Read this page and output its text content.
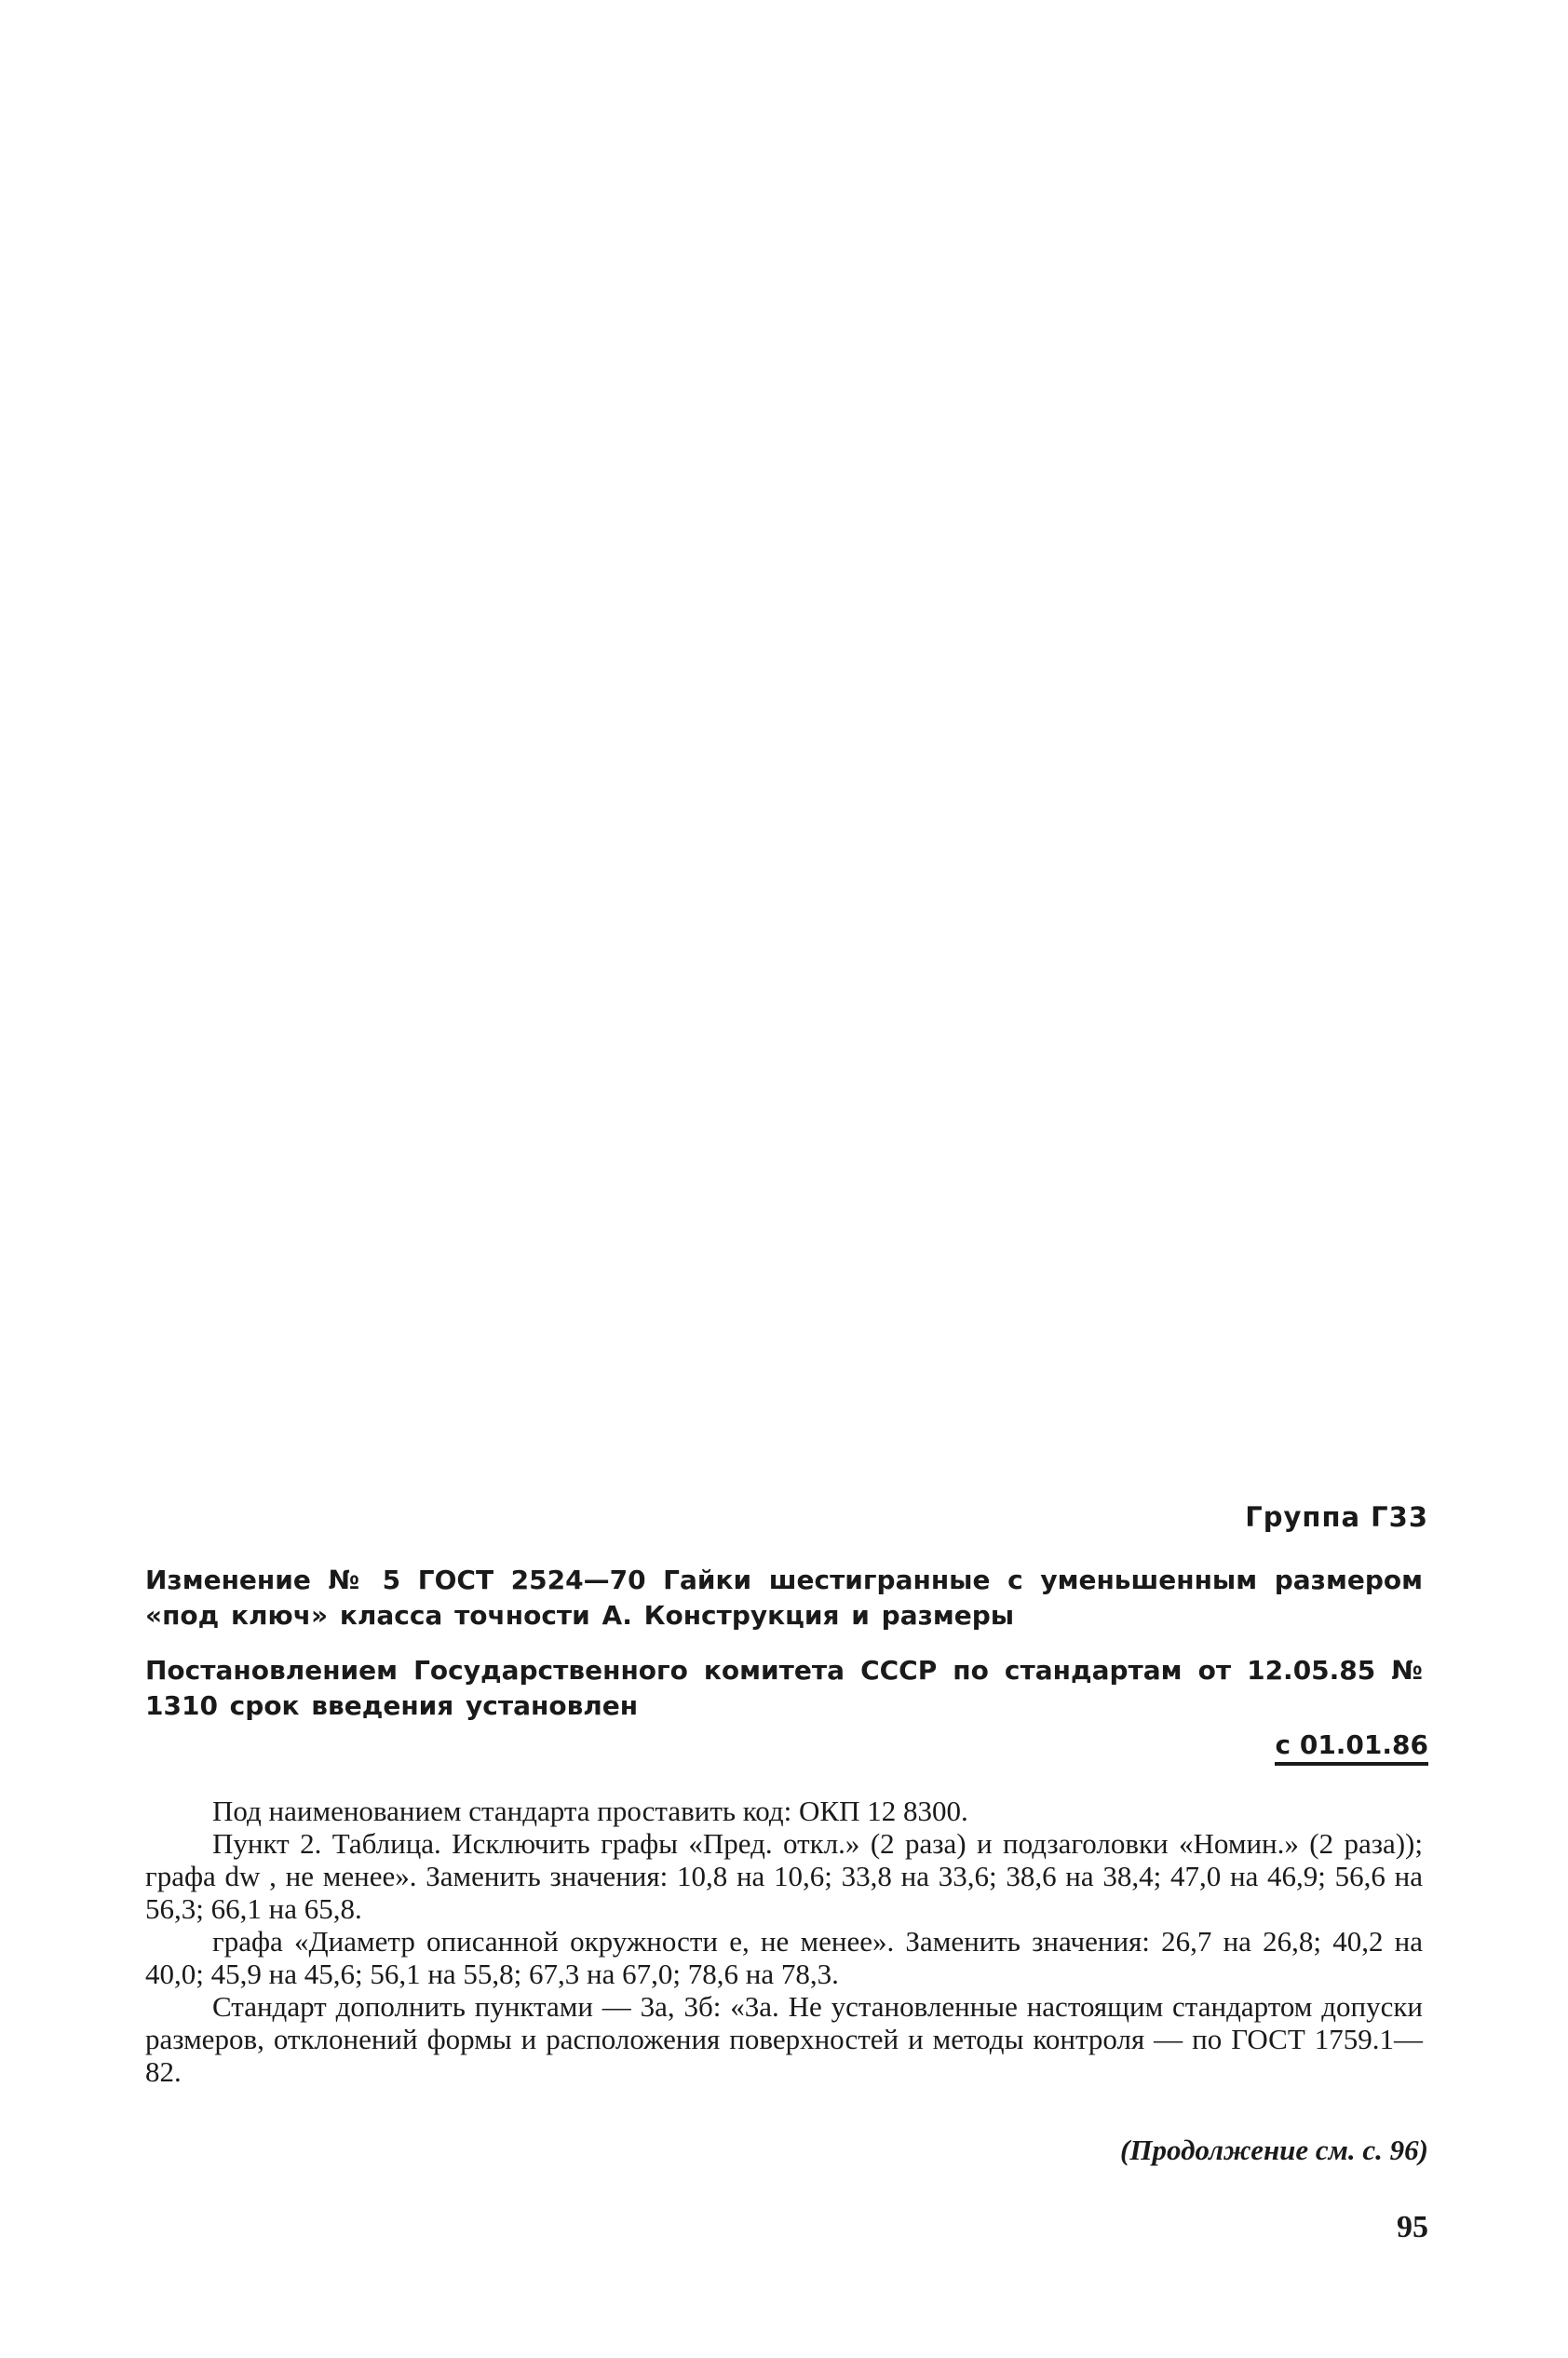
Группа Г33
Изменение № 5 ГОСТ 2524—70 Гайки шестигранные с уменьшенным размером «под ключ» класса точности А. Конструкция и размеры
Постановлением Государственного комитета СССР по стандартам от 12.05.85 № 1310 срок введения установлен
с 01.01.86

Под наименованием стандарта проставить код: ОКП 12 8300.

Пункт 2. Таблица. Исключить графы «Пред. откл.» (2 раза) и подзаголовки «Номин.» (2 раза)); графа dw , не менее». Заменить значения: 10,8 на 10,6; 33,8 на 33,6; 38,6 на 38,4; 47,0 на 46,9; 56,6 на 56,3; 66,1 на 65,8.

графа «Диаметр описанной окружности e, не менее». Заменить значения: 26,7 на 26,8; 40,2 на 40,0; 45,9 на 45,6; 56,1 на 55,8; 67,3 на 67,0; 78,6 на 78,3.

Стандарт дополнить пунктами — 3а, 3б: «3а. Не установленные настоящим стандартом допуски размеров, отклонений формы и расположения поверхностей и методы контроля — по ГОСТ 1759.1—82.

(Продолжение см. с. 96)
95
